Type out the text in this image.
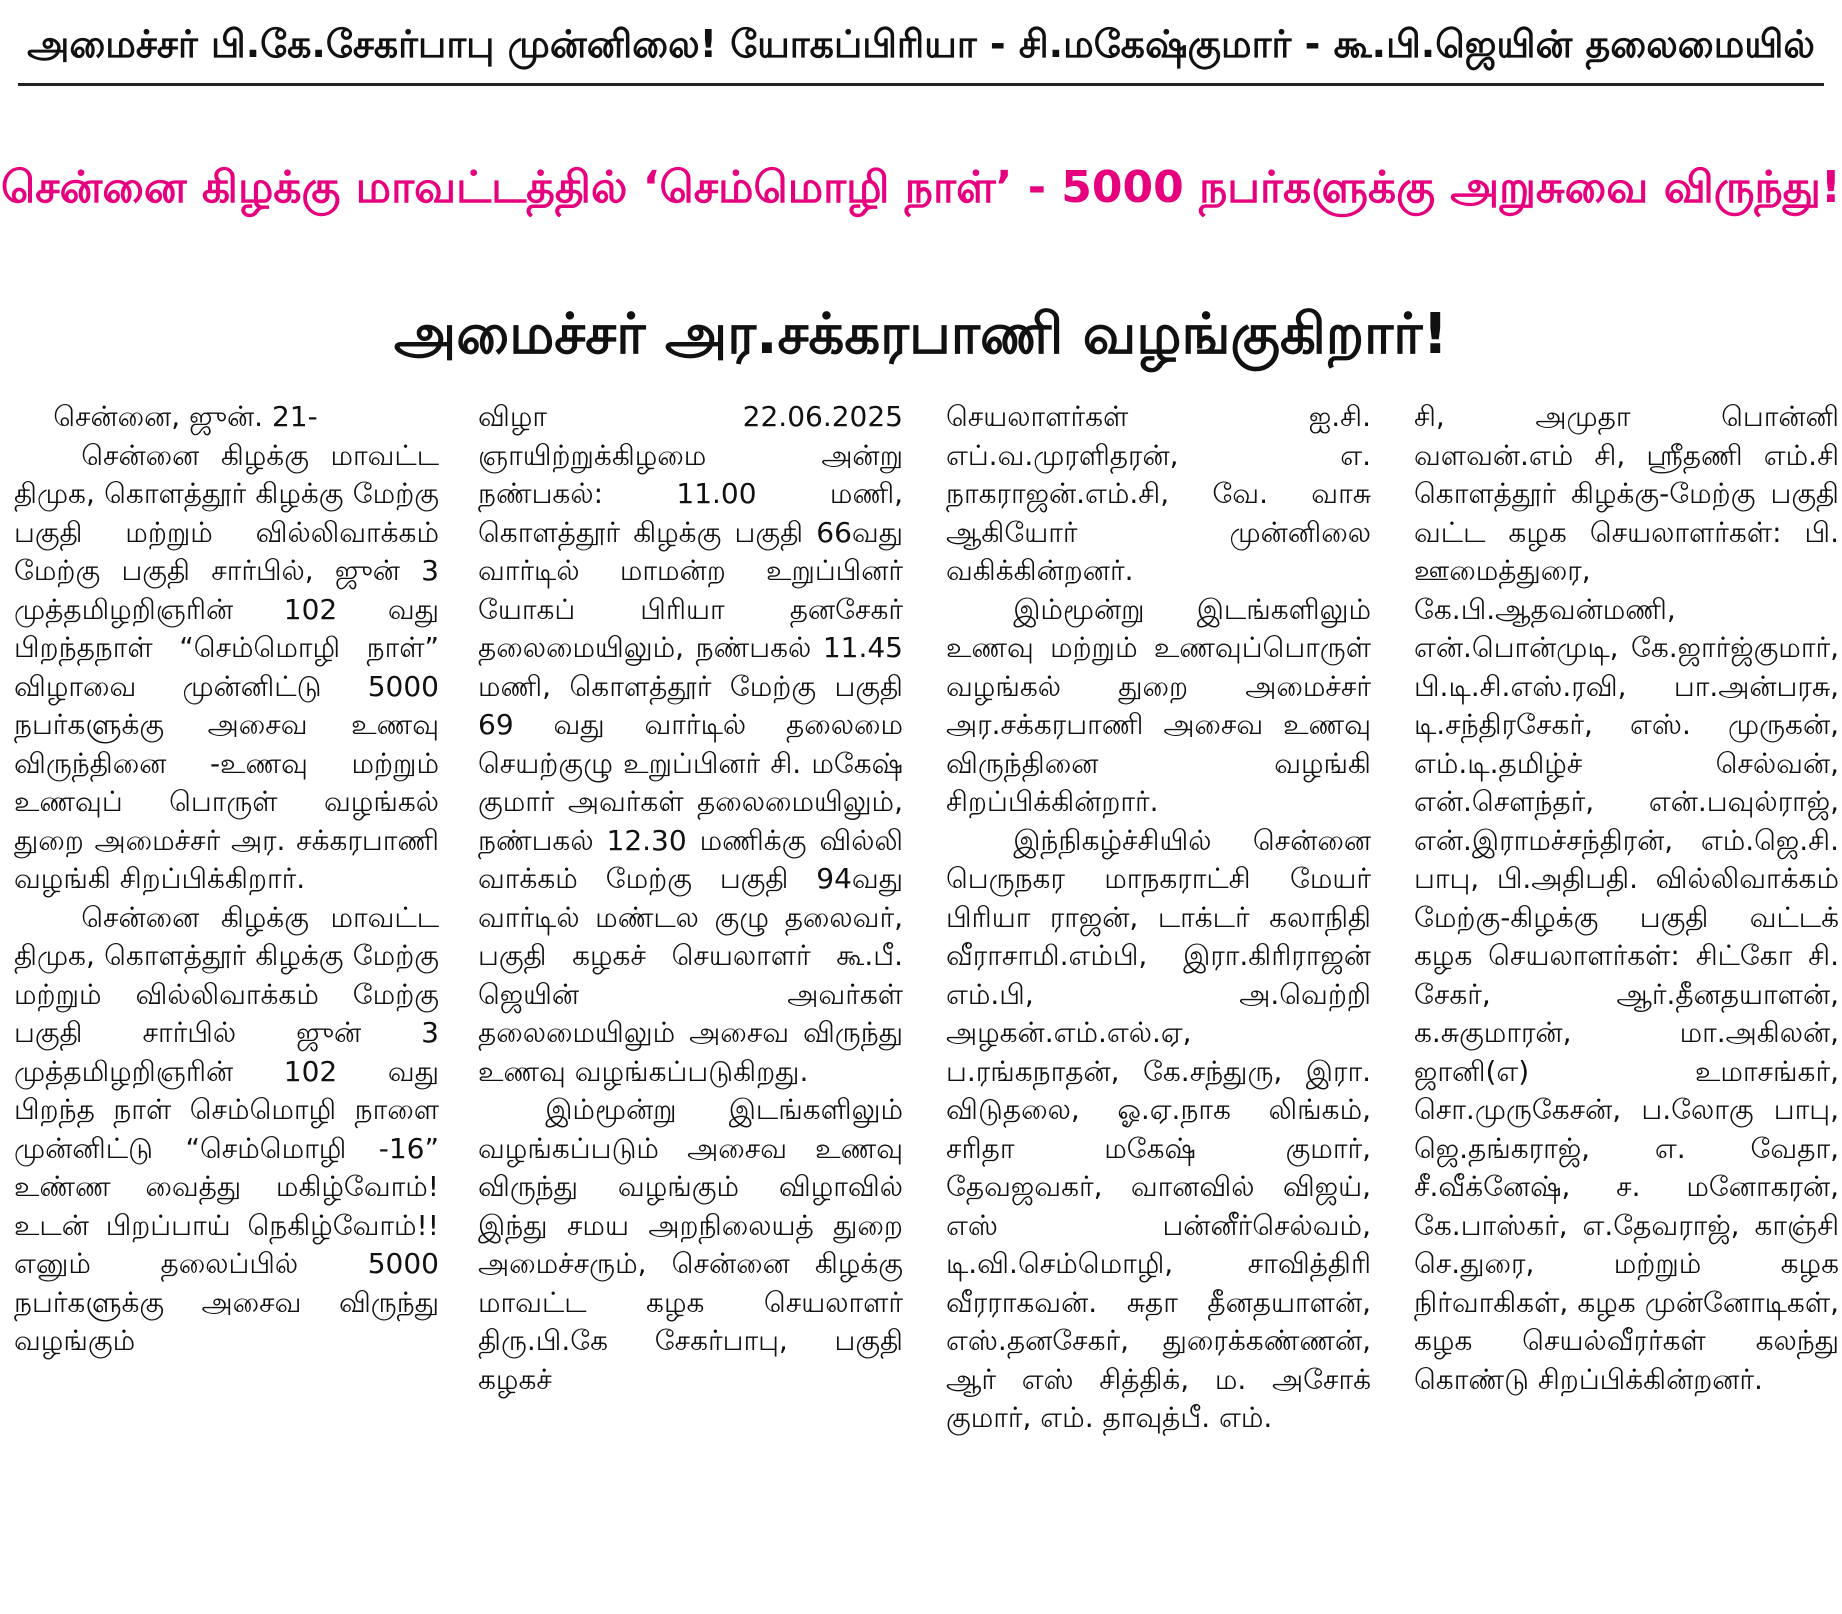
அமைச்சர் பி.கே.சேகர்பாபு முன்னிலை! யோகப்பிரியா - சி.மகேஷ்குமார் - கூ.பி.ஜெயின் தலைமையில்
சென்னை கிழக்கு மாவட்டத்தில் ‘செம்மொழி நாள்’ - 5000 நபர்களுக்கு அறுசுவை விருந்து!
அமைச்சர் அர.சக்கரபாணி வழங்குகிறார்!

சென்னை, ஜுன். 21-

சென்னை கிழக்கு மாவட்ட திமுக, கொளத்தூர் கிழக்கு மேற்கு பகுதி மற்றும் வில்லிவாக்கம் மேற்கு பகுதி சார்பில், ஜுன் 3 முத்தமிழறிஞரின் 102 வது பிறந்தநாள் “செம்மொழி நாள்” விழாவை முன்னிட்டு 5000 நபர்களுக்கு அசைவ உணவு விருந்தினை -உணவு மற்றும் உணவுப் பொருள் வழங்கல் துறை அமைச்சர் அர. சக்கரபாணி வழங்கி சிறப்பிக்கிறார்.

சென்னை கிழக்கு மாவட்ட திமுக, கொளத்தூர் கிழக்கு மேற்கு மற்றும் வில்லிவாக்கம் மேற்கு பகுதி சார்பில் ஜுன் 3 முத்தமிழறிஞரின் 102 வது பிறந்த நாள் செம்மொழி நாளை முன்னிட்டு “செம்மொழி -16” உண்ண வைத்து மகிழ்வோம்! உடன் பிறப்பாய் நெகிழ்வோம்!! எனும் தலைப்பில் 5000 நபர்களுக்கு அசைவ விருந்து வழங்கும்

விழா 22.06.2025 ஞாயிற்றுக்கிழமை அன்று நண்பகல்: 11.00 மணி, கொளத்தூர் கிழக்கு பகுதி 66வது வார்டில் மாமன்ற உறுப்பினர் யோகப் பிரியா தனசேகர் தலைமையிலும், நண்பகல் 11.45 மணி, கொளத்தூர் மேற்கு பகுதி 69 வது வார்டில் தலைமை செயற்குழு உறுப்பினர் சி. மகேஷ் குமார் அவர்கள் தலைமையிலும், நண்பகல் 12.30 மணிக்கு வில்லி வாக்கம் மேற்கு பகுதி 94வது வார்டில் மண்டல குழு தலைவர், பகுதி கழகச் செயலாளர் கூ.பீ. ஜெயின் அவர்கள் தலைமையிலும் அசைவ விருந்து உணவு வழங்கப்படுகிறது.

இம்மூன்று இடங்களிலும் வழங்கப்படும் அசைவ உணவு விருந்து வழங்கும் விழாவில் இந்து சமய அறநிலையத் துறை அமைச்சரும், சென்னை கிழக்கு மாவட்ட கழக செயலாளர் திரு.பி.கே சேகர்பாபு, பகுதி கழகச்

செயலாளர்கள் ஐ.சி. எப்.வ.முரளிதரன், எ. நாகராஜன்.எம்.சி, வே. வாசு ஆகியோர் முன்னிலை வகிக்கின்றனர்.

இம்மூன்று இடங்களிலும் உணவு மற்றும் உணவுப்பொருள் வழங்கல் துறை அமைச்சர் அர.சக்கரபாணி அசைவ உணவு விருந்தினை வழங்கி சிறப்பிக்கின்றார்.

இந்நிகழ்ச்சியில் சென்னை பெருநகர மாநகராட்சி மேயர் பிரியா ராஜன், டாக்டர் கலாநிதி வீராசாமி.எம்பி, இரா.கிரிராஜன் எம்.பி, அ.வெற்றி அழகன்.எம்.எல்.ஏ, ப.ரங்கநாதன், கே.சந்துரு, இரா. விடுதலை, ஓ.ஏ.நாக லிங்கம், சரிதா மகேஷ் குமார், தேவஜவகர், வானவில் விஜய், எஸ் பன்னீர்செல்வம், டி.வி.செம்மொழி, சாவித்திரி வீரராகவன். சுதா தீனதயாளன், எஸ்.தனசேகர், துரைக்கண்ணன், ஆர் எஸ் சித்திக், ம. அசோக் குமார், எம். தாவுத்பீ. எம்.

சி, அமுதா பொன்னி வளவன்.எம் சி, ஸ்ரீதணி எம்.சி கொளத்தூர் கிழக்கு-மேற்கு பகுதி வட்ட கழக செயலாளர்கள்: பி. ஊமைத்துரை, கே.பி.ஆதவன்மணி, என்.பொன்முடி, கே.ஜார்ஜ்குமார், பி.டி.சி.எஸ்.ரவி, பா.அன்பரசு, டி.சந்திரசேகர், எஸ். முருகன், எம்.டி.தமிழ்ச் செல்வன், என்.சௌந்தர், என்.பவுல்ராஜ், என்.இராமச்சந்திரன், எம்.ஜெ.சி. பாபு, பி.அதிபதி. வில்லிவாக்கம் மேற்கு-கிழக்கு பகுதி வட்டக் கழக செயலாளர்கள்: சிட்கோ சி. சேகர், ஆர்.தீனதயாளன், க.சுகுமாரன், மா.அகிலன், ஜானி(எ) உமாசங்கர், சொ.முருகேசன், ப.லோகு பாபு, ஜெ.தங்கராஜ், எ. வேதா, சீ.வீக்னேஷ், ச. மனோகரன், கே.பாஸ்கர், எ.தேவராஜ், காஞ்சி செ.துரை, மற்றும் கழக நிர்வாகிகள், கழக முன்னோடிகள், கழக செயல்வீரர்கள் கலந்து கொண்டு சிறப்பிக்கின்றனர்.
